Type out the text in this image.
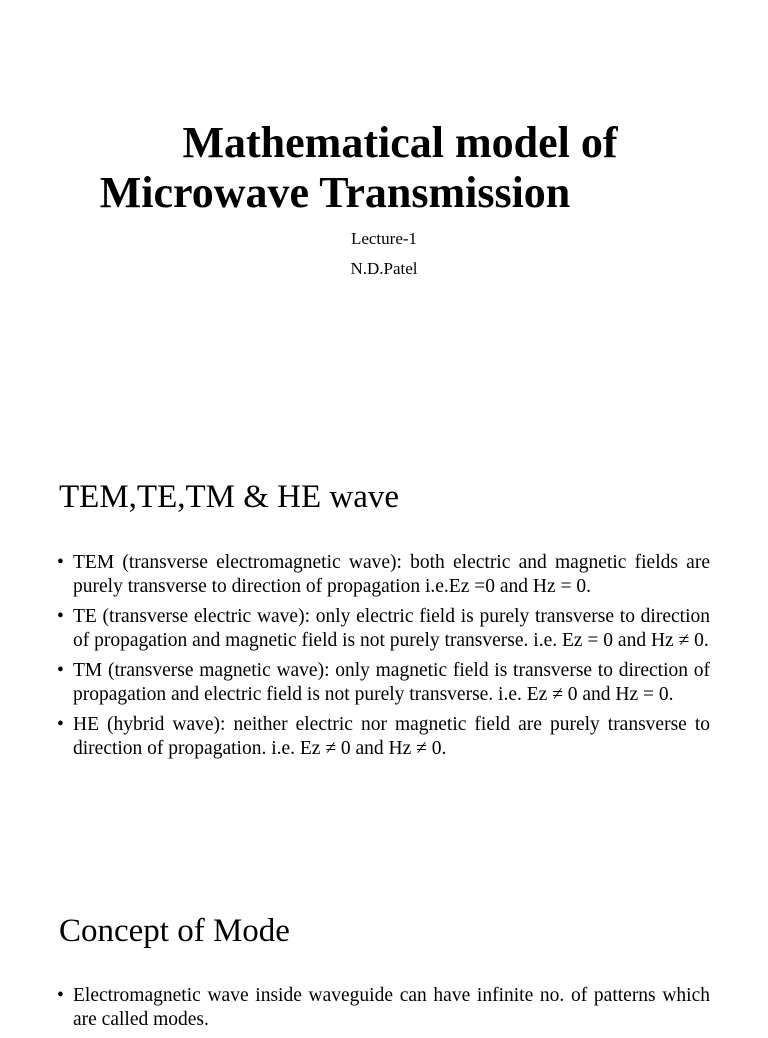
Mathematical model of
Microwave Transmission
Lecture-1
N.D.Patel
TEM,TE,TM & HE wave
• TEM (transverse electromagnetic wave): both electric and magnetic fields are purely transverse to direction of propagation i.e.Ez =0 and Hz = 0.
• TE (transverse electric wave): only electric field is purely transverse to direction of propagation and magnetic field is not purely transverse. i.e. Ez = 0 and Hz ≠ 0.
• TM (transverse magnetic wave): only magnetic field is transverse to direction of propagation and electric field is not purely transverse. i.e. Ez ≠ 0 and Hz = 0.
• HE (hybrid wave): neither electric nor magnetic field are purely transverse to direction of propagation. i.e. Ez ≠ 0 and Hz ≠ 0.
Concept of Mode
• Electromagnetic wave inside waveguide can have infinite no. of patterns which are called modes.
